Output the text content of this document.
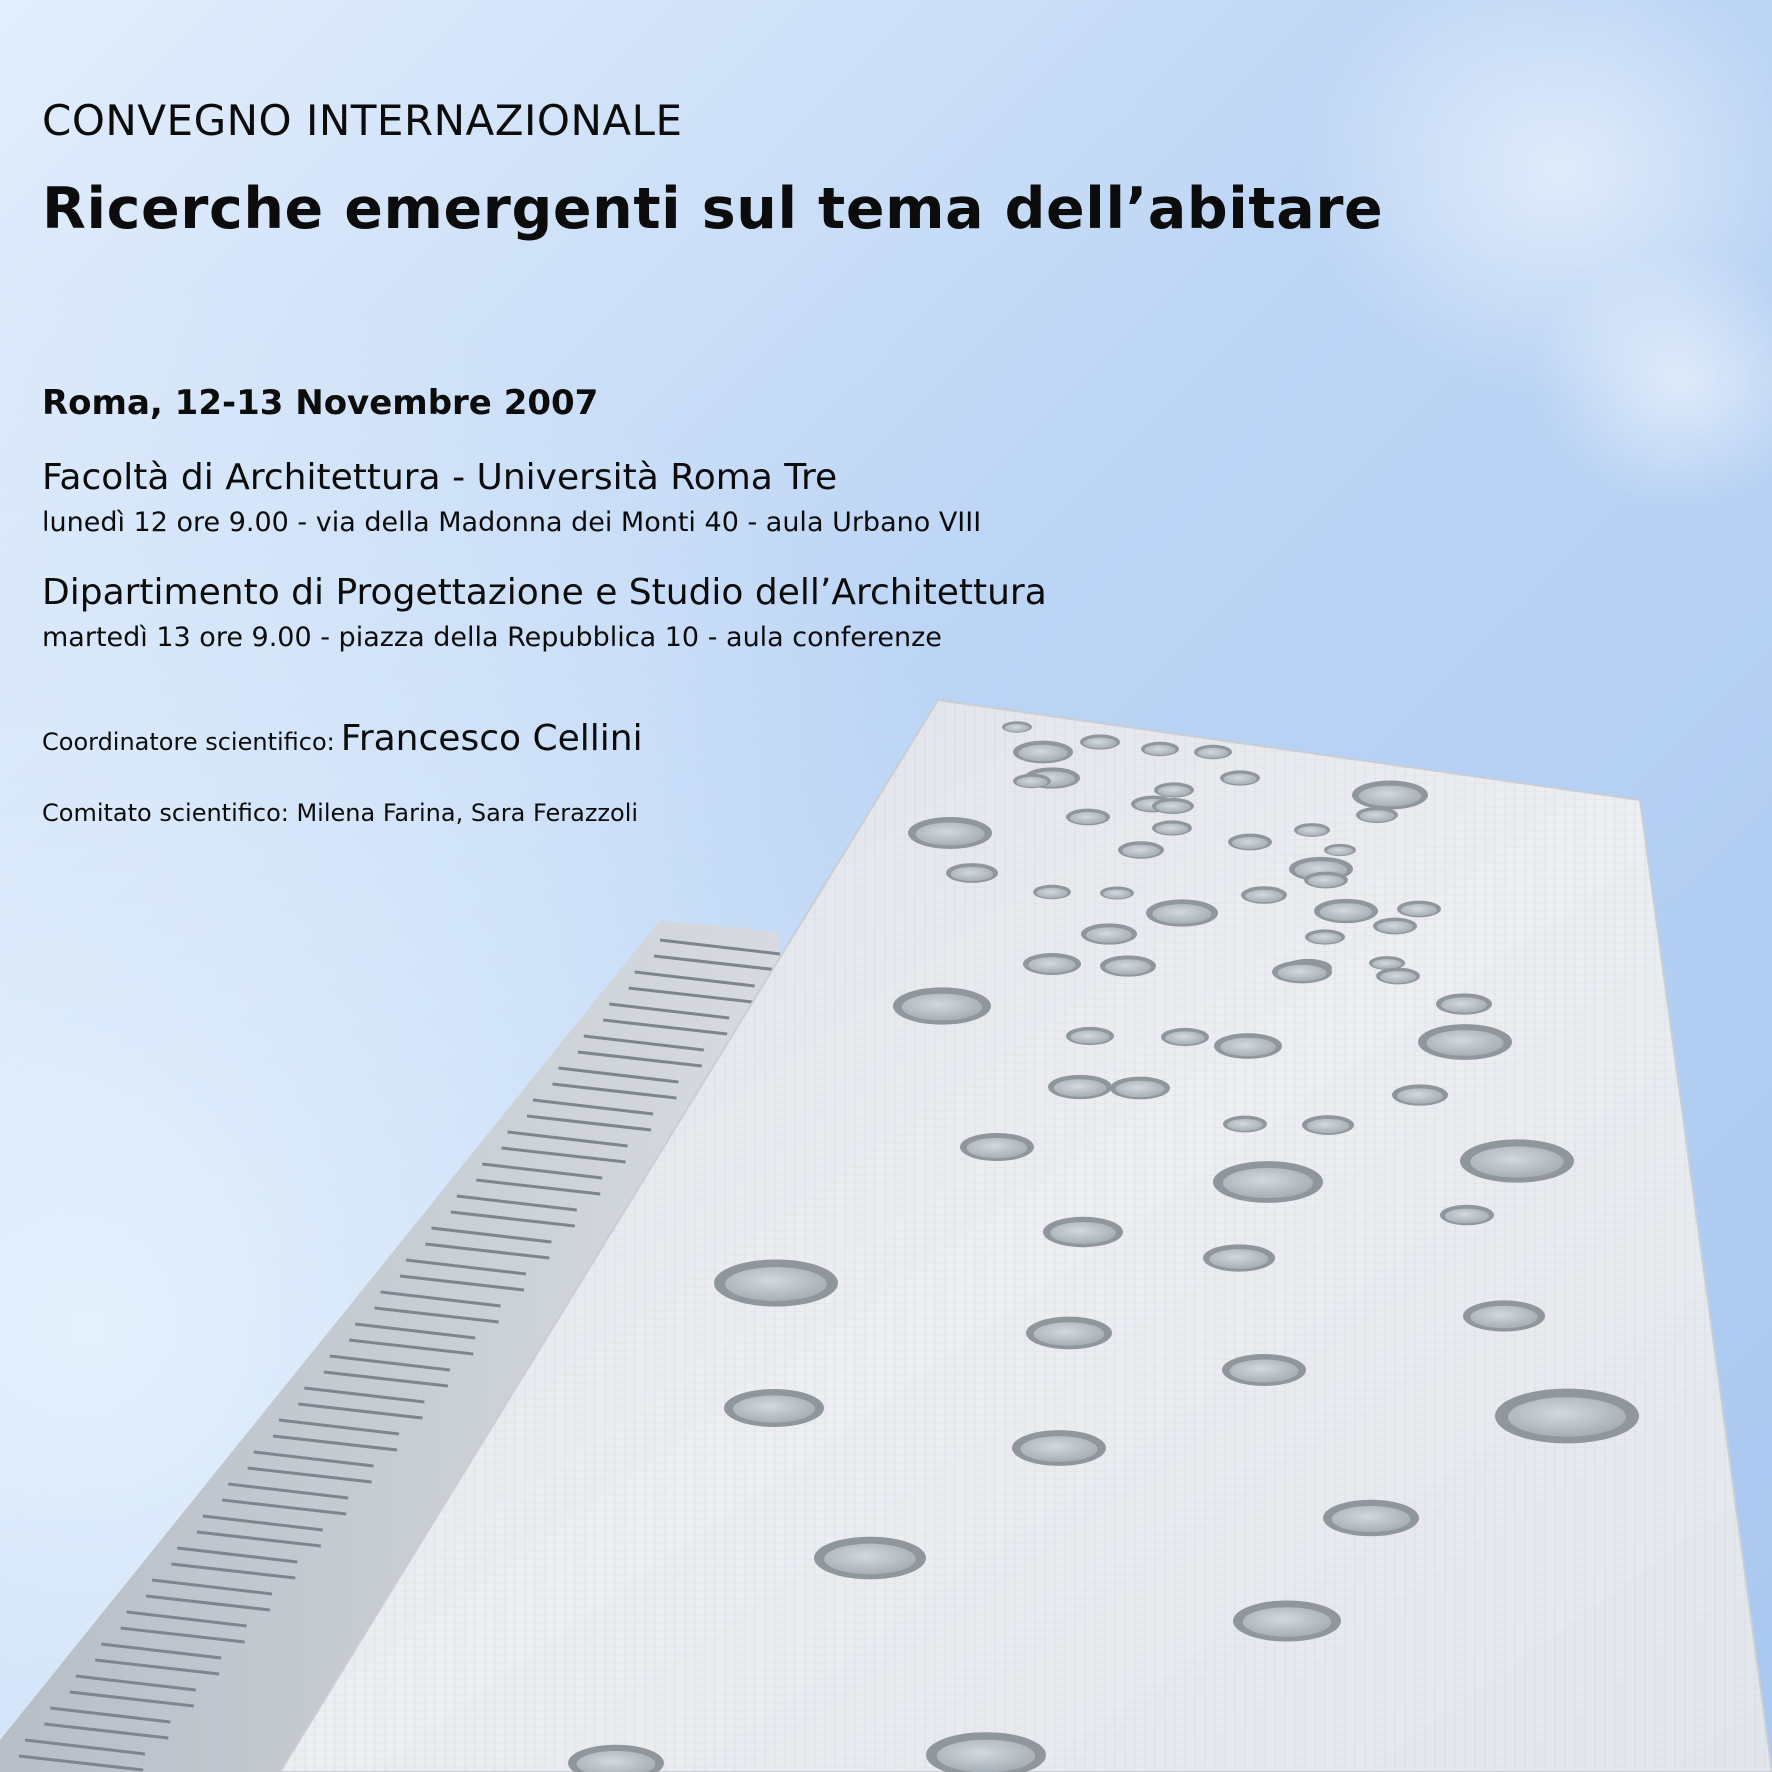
CONVEGNO INTERNAZIONALE
Ricerche emergenti sul tema dell’abitare
Roma, 12-13 Novembre 2007
Facoltà di Architettura - Università Roma Tre
lunedì 12 ore 9.00 - via della Madonna dei Monti 40 - aula Urbano VIII
Dipartimento di Progettazione e Studio dell’Architettura
martedì 13 ore 9.00 - piazza della Repubblica 10 - aula conferenze
Coordinatore scientifico: Francesco Cellini
Comitato scientifico: Milena Farina, Sara Ferazzoli
